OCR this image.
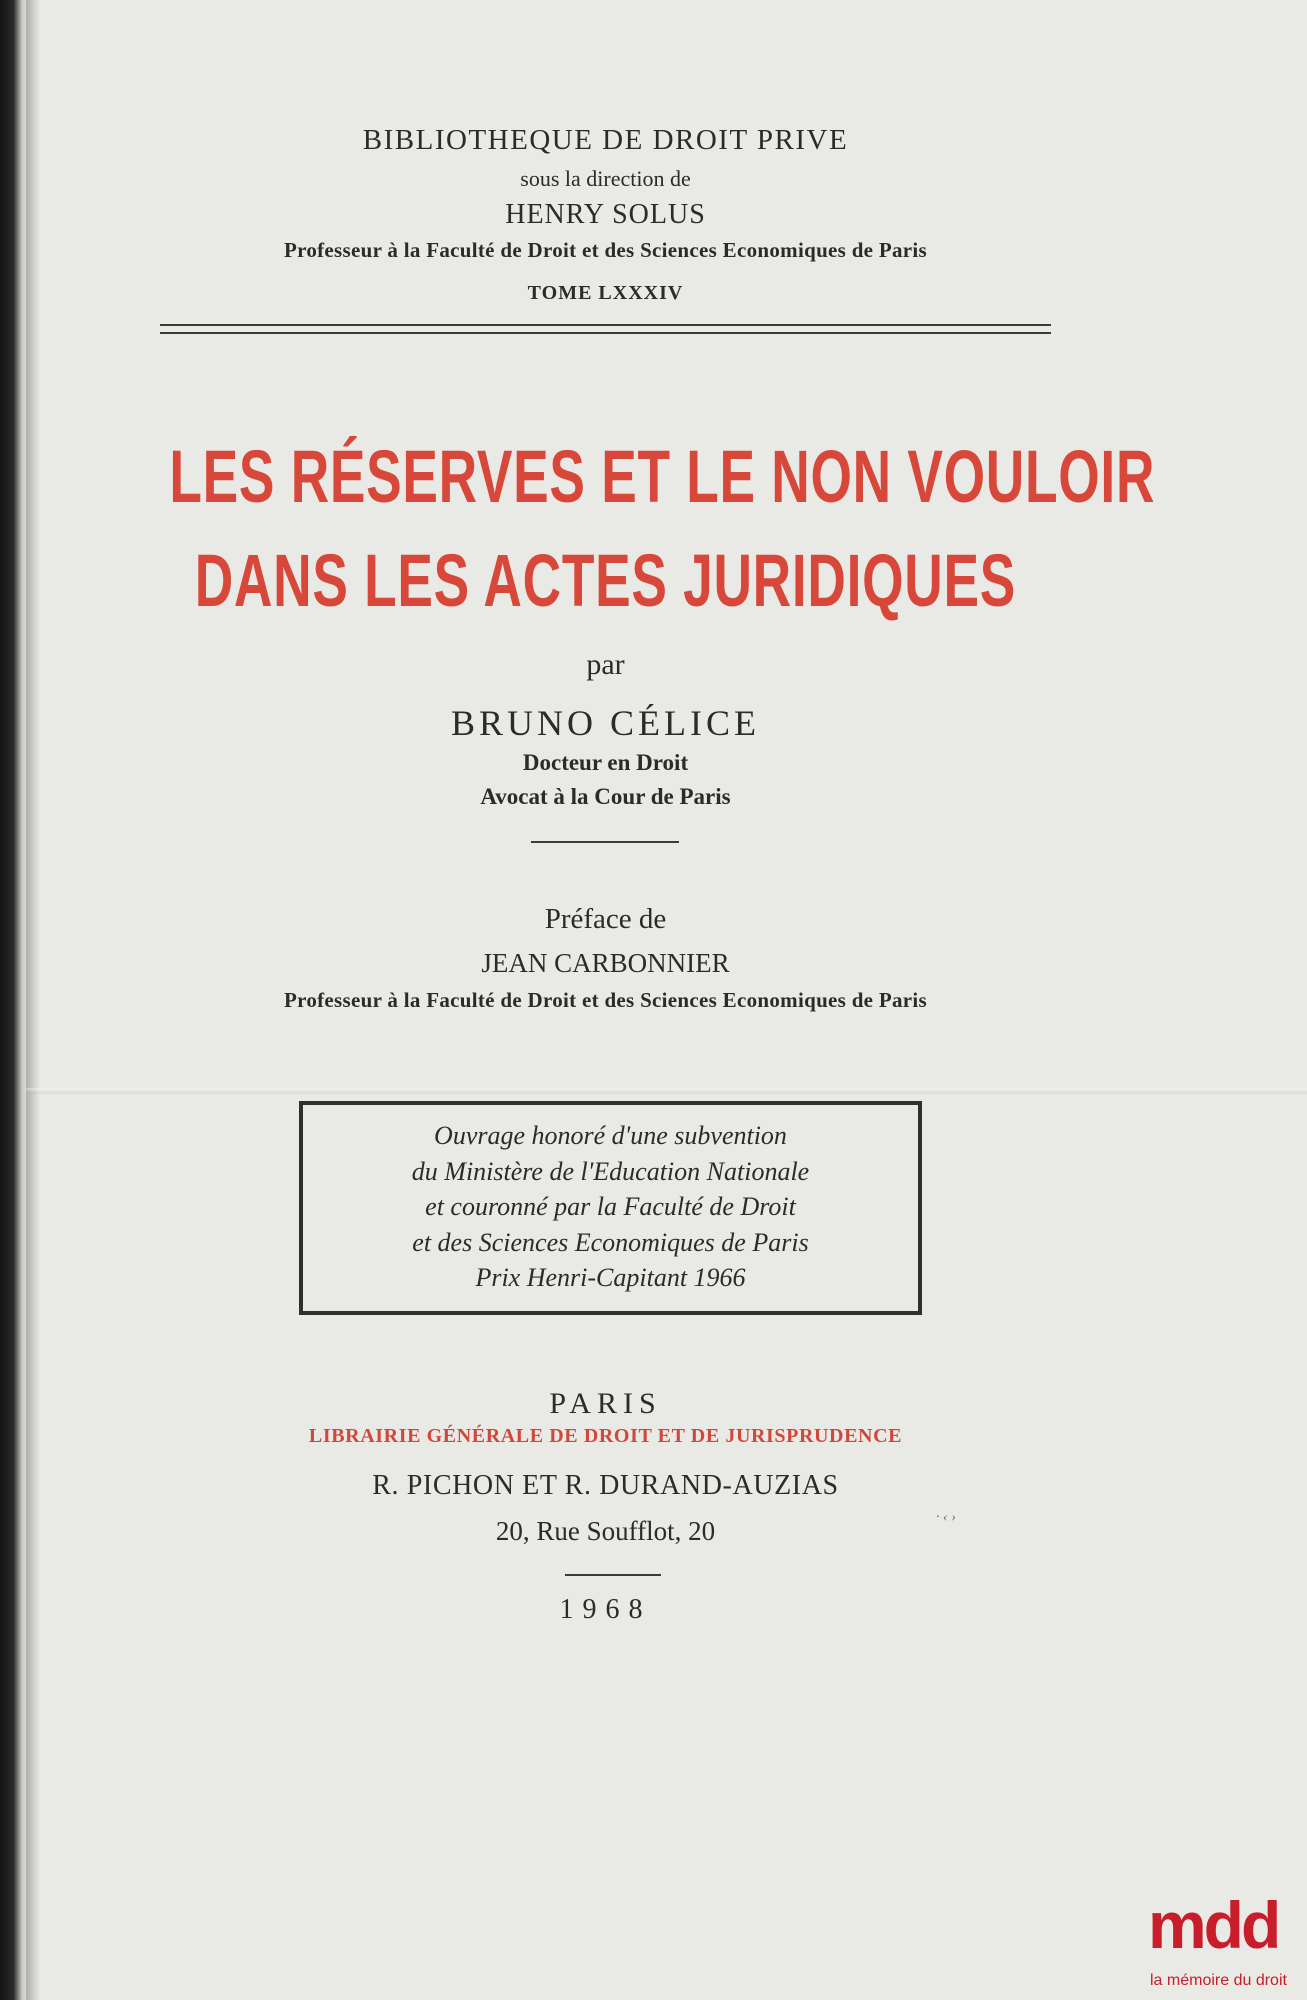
BIBLIOTHEQUE DE DROIT PRIVE
sous la direction de
HENRY SOLUS
Professeur à la Faculté de Droit et des Sciences Economiques de Paris
TOME LXXXIV
LES RÉSERVES ET LE NON VOULOIR
DANS LES ACTES JURIDIQUES
par
BRUNO CÉLICE
Docteur en Droit
Avocat à la Cour de Paris
Préface de
JEAN CARBONNIER
Professeur à la Faculté de Droit et des Sciences Economiques de Paris
Ouvrage honoré d'une subvention
du Ministère de l'Education Nationale
et couronné par la Faculté de Droit
et des Sciences Economiques de Paris
Prix Henri-Capitant 1966
PARIS
LIBRAIRIE GÉNÉRALE DE DROIT ET DE JURISPRUDENCE
R. PICHON ET R. DURAND-AUZIAS
20, Rue Soufflot, 20	· ‹ ›
1968
mdd
la mémoire du droit
